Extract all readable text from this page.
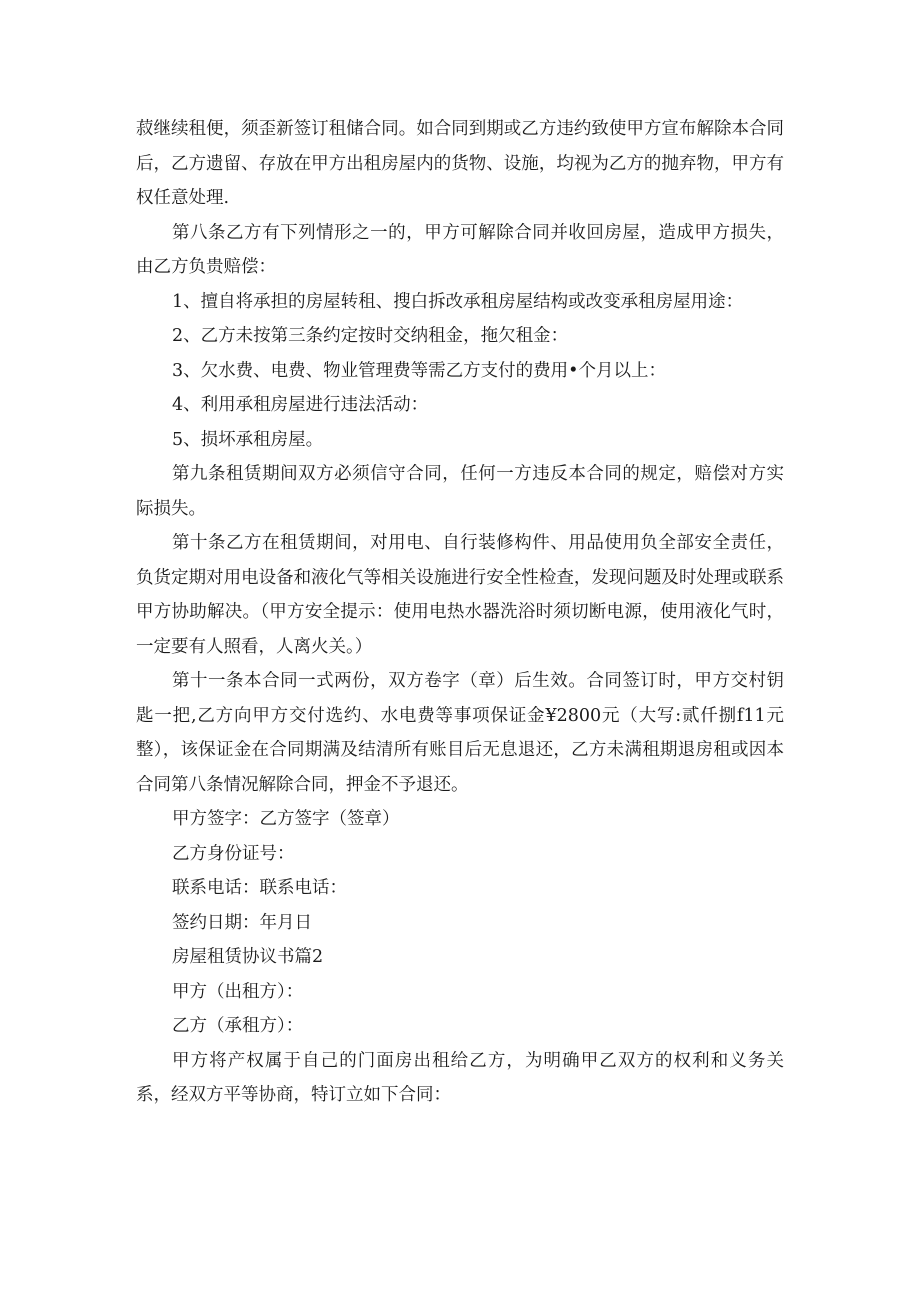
菽继续租便，须歪新签订租储合同。如合同到期或乙方违约致使甲方宣布解除本合同后，乙方遗留、存放在甲方出租房屋内的货物、设施，均视为乙方的抛弃物，甲方有权任意处理.

第八条乙方有下列情形之一的，甲方可解除合同并收回房屋，造成甲方损失，由乙方负贵赔偿：

1、擅自将承担的房屋转租、搜白拆改承租房屋结构或改变承租房屋用途：

2、乙方未按第三条约定按时交纳租金，拖欠租金：

3、欠水费、电费、物业管理费等需乙方支付的费用•个月以上：

4、利用承租房屋进行违法活动：

5、损坏承租房屋。

第九条租赁期间双方必须信守合同，任何一方违反本合同的规定，赔偿对方实际损失。

第十条乙方在租赁期间，对用电、自行装修构件、用品使用负全部安全责任，负货定期对用电设备和液化气等相关设施进行安全性检查，发现问题及时处理或联系甲方协助解决。（甲方安全提示：使用电热水器洗浴时须切断电源，使用液化气时，一定要有人照看，人离火关。）

第十一条本合同一式两份，双方卷字（章）后生效。合同签订时，甲方交村钥匙一把,乙方向甲方交付选约、水电费等事项保证金¥2800元（大写:贰仟捌f11元整），该保证金在合同期满及结清所有账目后无息退还，乙方未满租期退房租或因本合同第八条情况解除合同，押金不予退还。

甲方签字：乙方签字（签章）

乙方身份证号：

联系电话：联系电话：

签约日期：年月日

房屋租赁协议书篇2

甲方（出租方）：

乙方（承租方）：

甲方将产权属于自己的门面房出租给乙方，为明确甲乙双方的权利和义务关系，经双方平等协商，特订立如下合同：
